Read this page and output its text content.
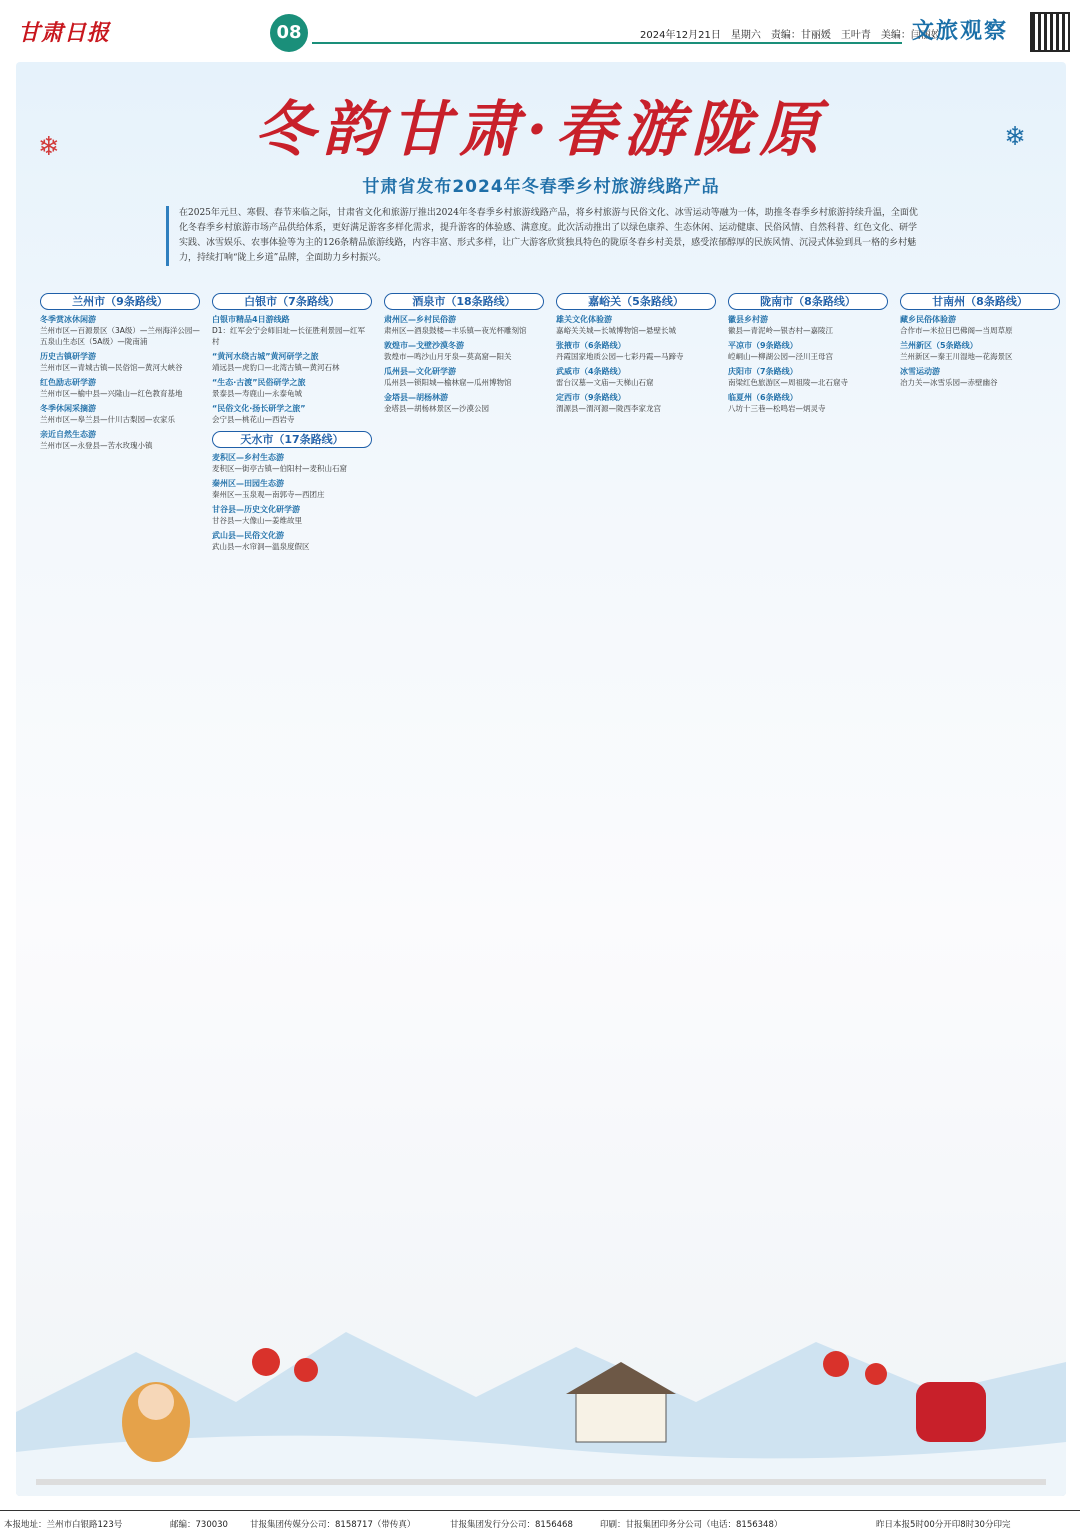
甘肃日报	08	2024年12月21日　星期六　责编：甘丽媛　王叶青　美编：闫丽姣
文旅观察
❄	❄
冬韵甘肃·春游陇原
甘肃省发布2024年冬春季乡村旅游线路产品
在2025年元旦、寒假、春节来临之际，甘肃省文化和旅游厅推出2024年冬春季乡村旅游线路产品，将乡村旅游与民俗文化、冰雪运动等融为一体，助推冬春季乡村旅游持续升温，全面优化冬春季乡村旅游市场产品供给体系，更好满足游客多样化需求，提升游客的体验感、满意度。此次活动推出了以绿色康养、生态休闲、运动健康、民俗风情、自然科普、红色文化、研学实践、冰雪娱乐、农事体验等为主的126条精品旅游线路，内容丰富、形式多样，让广大游客欣赏独具特色的陇原冬春乡村美景，感受浓郁醇厚的民族风情、沉浸式体验到具一格的乡村魅力，持续打响“陇上乡道”品牌，全面助力乡村振兴。
兰州市（9条路线）
冬季赏冰休闲游
兰州市区—百源景区（3A级）—兰州海洋公园—五泉山生态区（5A级）—陇南浦
历史古镇研学游
兰州市区—青城古镇—民俗馆—黄河大峡谷
红色励志研学游
兰州市区—榆中县—兴隆山—红色教育基地
冬季休闲采摘游
兰州市区—皋兰县—什川古梨园—农家乐
亲近自然生态游
兰州市区—永登县—苦水玫瑰小镇
白银市（7条路线）
白银市精品4日游线路
D1：红军会宁会师旧址—长征胜利景园—红军村
“黄河水绕古城”黄河研学之旅
靖远县—虎豹口—北湾古镇—黄河石林
“生态·古渡”民俗研学之旅
景泰县—寿鹿山—永泰龟城
“民俗文化·扬长研学之旅”
会宁县—桃花山—西岩寺
天水市（17条路线）
麦积区—乡村生态游
麦积区—街亭古镇—伯阳村—麦积山石窟
秦州区—田园生态游
秦州区—玉泉观—南郭寺—西团庄
甘谷县—历史文化研学游
甘谷县—大像山—姜维故里
武山县—民俗文化游
武山县—水帘洞—温泉度假区
酒泉市（18条路线）
肃州区—乡村民俗游
肃州区—酒泉鼓楼—丰乐镇—夜光杯雕刻馆
敦煌市—戈壁沙漠冬游
敦煌市—鸣沙山月牙泉—莫高窟—阳关
瓜州县—文化研学游
瓜州县—锁阳城—榆林窟—瓜州博物馆
金塔县—胡杨林游
金塔县—胡杨林景区—沙漠公园
嘉峪关（5条路线）
雄关文化体验游
嘉峪关关城—长城博物馆—悬壁长城
张掖市（6条路线）
丹霞国家地质公园—七彩丹霞—马蹄寺
武威市（4条路线）
雷台汉墓—文庙—天梯山石窟
定西市（9条路线）
渭源县—渭河源—陇西李家龙宫
陇南市（8条路线）
徽县乡村游
徽县—青泥岭—银杏村—嘉陵江
平凉市（9条路线）
崆峒山—柳湖公园—泾川王母宫
庆阳市（7条路线）
南梁红色旅游区—周祖陵—北石窟寺
临夏州（6条路线）
八坊十三巷—松鸣岩—炳灵寺
甘南州（8条路线）
藏乡民俗体验游
合作市—米拉日巴佛阁—当周草原
兰州新区（5条路线）
兰州新区—秦王川湿地—花海景区
冰雪运动游
冶力关—冰雪乐园—赤壁幽谷
本报地址：兰州市白银路123号	邮编：730030	甘报集团传媒分公司：8158717（带传真）	甘报集团发行分公司：8156468	印刷：甘报集团印务分公司（电话：8156348）	昨日本报5时00分开印8时30分印完
